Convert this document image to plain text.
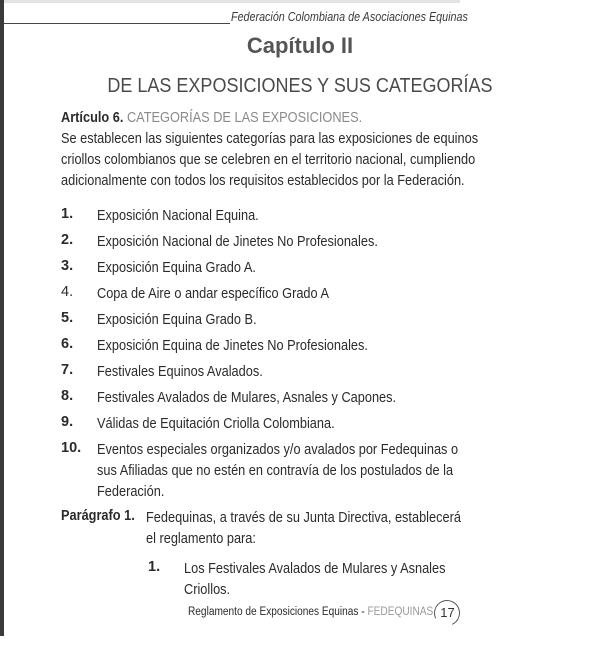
Federación Colombiana de Asociaciones Equinas
Capítulo II
DE LAS EXPOSICIONES Y SUS CATEGORÍAS
Artículo 6. CATEGORÍAS DE LAS EXPOSICIONES.
Se establecen las siguientes categorías para las exposiciones de equinos
criollos colombianos que se celebren en el territorio nacional, cumpliendo
adicionalmente con todos los requisitos establecidos por la Federación.
1. Exposición Nacional Equina.
2. Exposición Nacional de Jinetes No Profesionales.
3. Exposición Equina Grado A.
4. Copa de Aire o andar específico Grado A
5. Exposición Equina Grado B.
6. Exposición Equina de Jinetes No Profesionales.
7. Festivales Equinos Avalados.
8. Festivales Avalados de Mulares, Asnales y Capones.
9. Válidas de Equitación Criolla Colombiana.
10. Eventos especiales organizados y/o avalados por Fedequinas o
sus Afiliadas que no estén en contravía de los postulados de la
Federación.
Parágrafo 1. Fedequinas, a través de su Junta Directiva, establecerá
el reglamento para:
1. Los Festivales Avalados de Mulares y Asnales
Criollos.
Reglamento de Exposiciones Equinas - FEDEQUINAS 17
